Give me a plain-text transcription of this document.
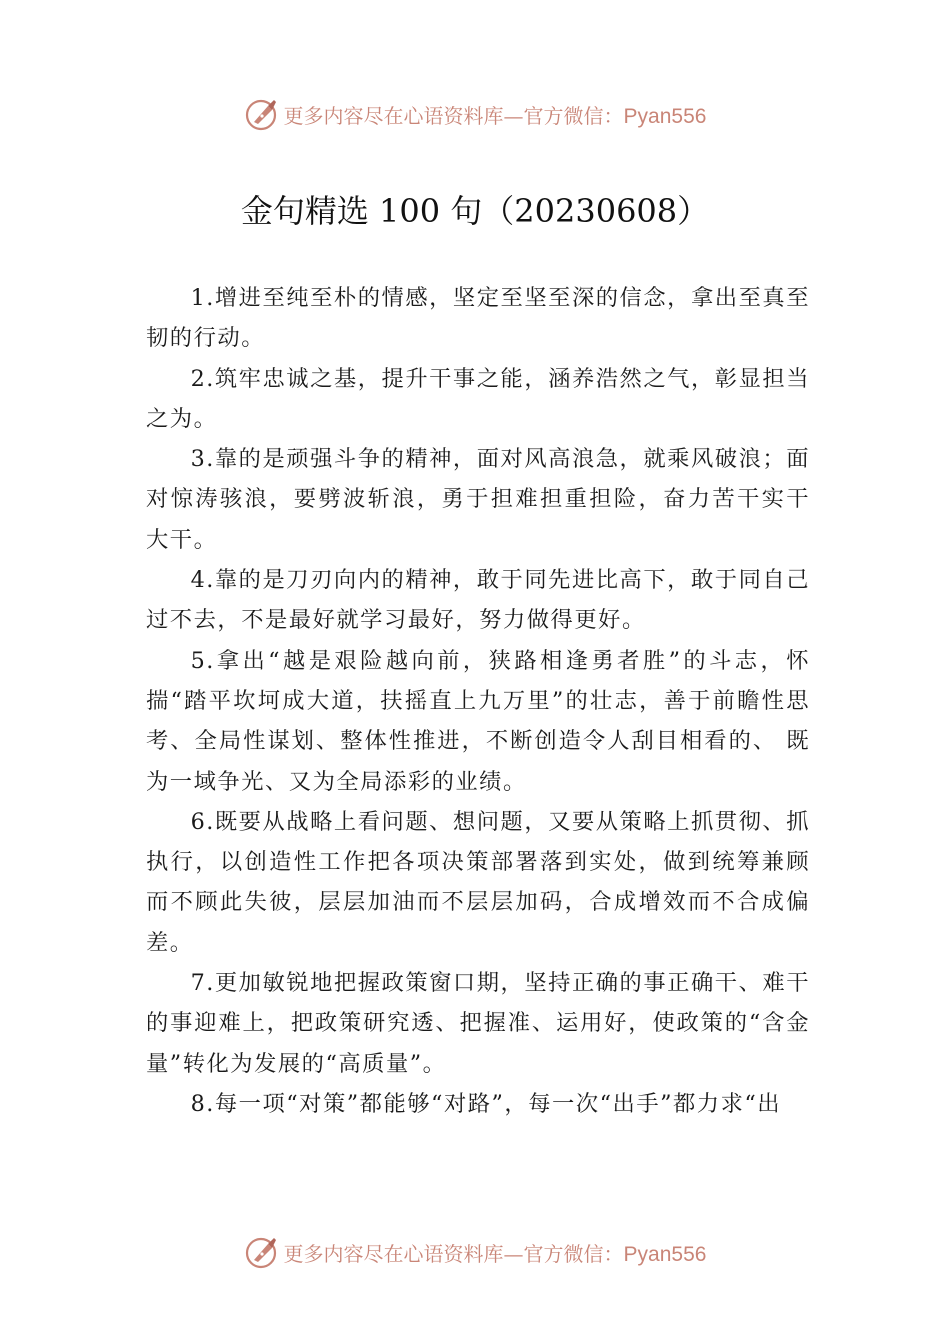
更多内容尽在心语资料库—官方微信：Pyan556
金句精选 100 句（20230608）

1.增进至纯至朴的情感，坚定至坚至深的信念，拿出至真至韧的行动。

2.筑牢忠诚之基，提升干事之能，涵养浩然之气，彰显担当之为。

3.靠的是顽强斗争的精神，面对风高浪急，就乘风破浪；面对惊涛骇浪，要劈波斩浪，勇于担难担重担险，奋力苦干实干大干。

4.靠的是刀刃向内的精神，敢于同先进比高下，敢于同自己过不去，不是最好就学习最好，努力做得更好。

5.拿出“越是艰险越向前，狭路相逢勇者胜”的斗志，怀揣“踏平坎坷成大道，扶摇直上九万里”的壮志，善于前瞻性思考、全局性谋划、整体性推进，不断创造令人刮目相看的、 既为一域争光、又为全局添彩的业绩。

6.既要从战略上看问题、想问题，又要从策略上抓贯彻、抓执行，以创造性工作把各项决策部署落到实处，做到统筹兼顾而不顾此失彼，层层加油而不层层加码，合成增效而不合成偏差。

7.更加敏锐地把握政策窗口期，坚持正确的事正确干、难干的事迎难上，把政策研究透、把握准、运用好，使政策的“含金量”转化为发展的“高质量”。

8.每一项“对策”都能够“对路”，每一次“出手”都力求“出

更多内容尽在心语资料库—官方微信：Pyan556
